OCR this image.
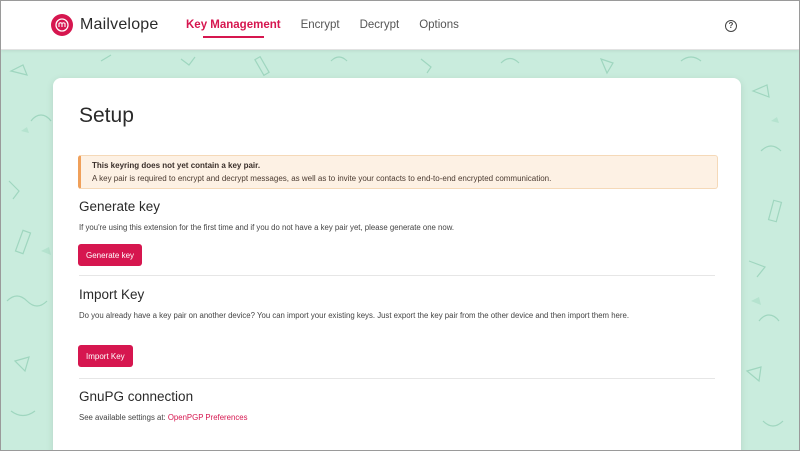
Mailvelope Key Management Encrypt Decrypt Options	?
Setup
This keyring does not yet contain a key pair.
A key pair is required to encrypt and decrypt messages, as well as to invite your contacts to end-to-end encrypted communication.
Generate key
If you're using this extension for the first time and if you do not have a key pair yet, please generate one now.
Generate key
Import Key
Do you already have a key pair on another device? You can import your existing keys. Just export the key pair from the other device and then import them here.
Import Key
GnuPG connection
See available settings at: OpenPGP Preferences
